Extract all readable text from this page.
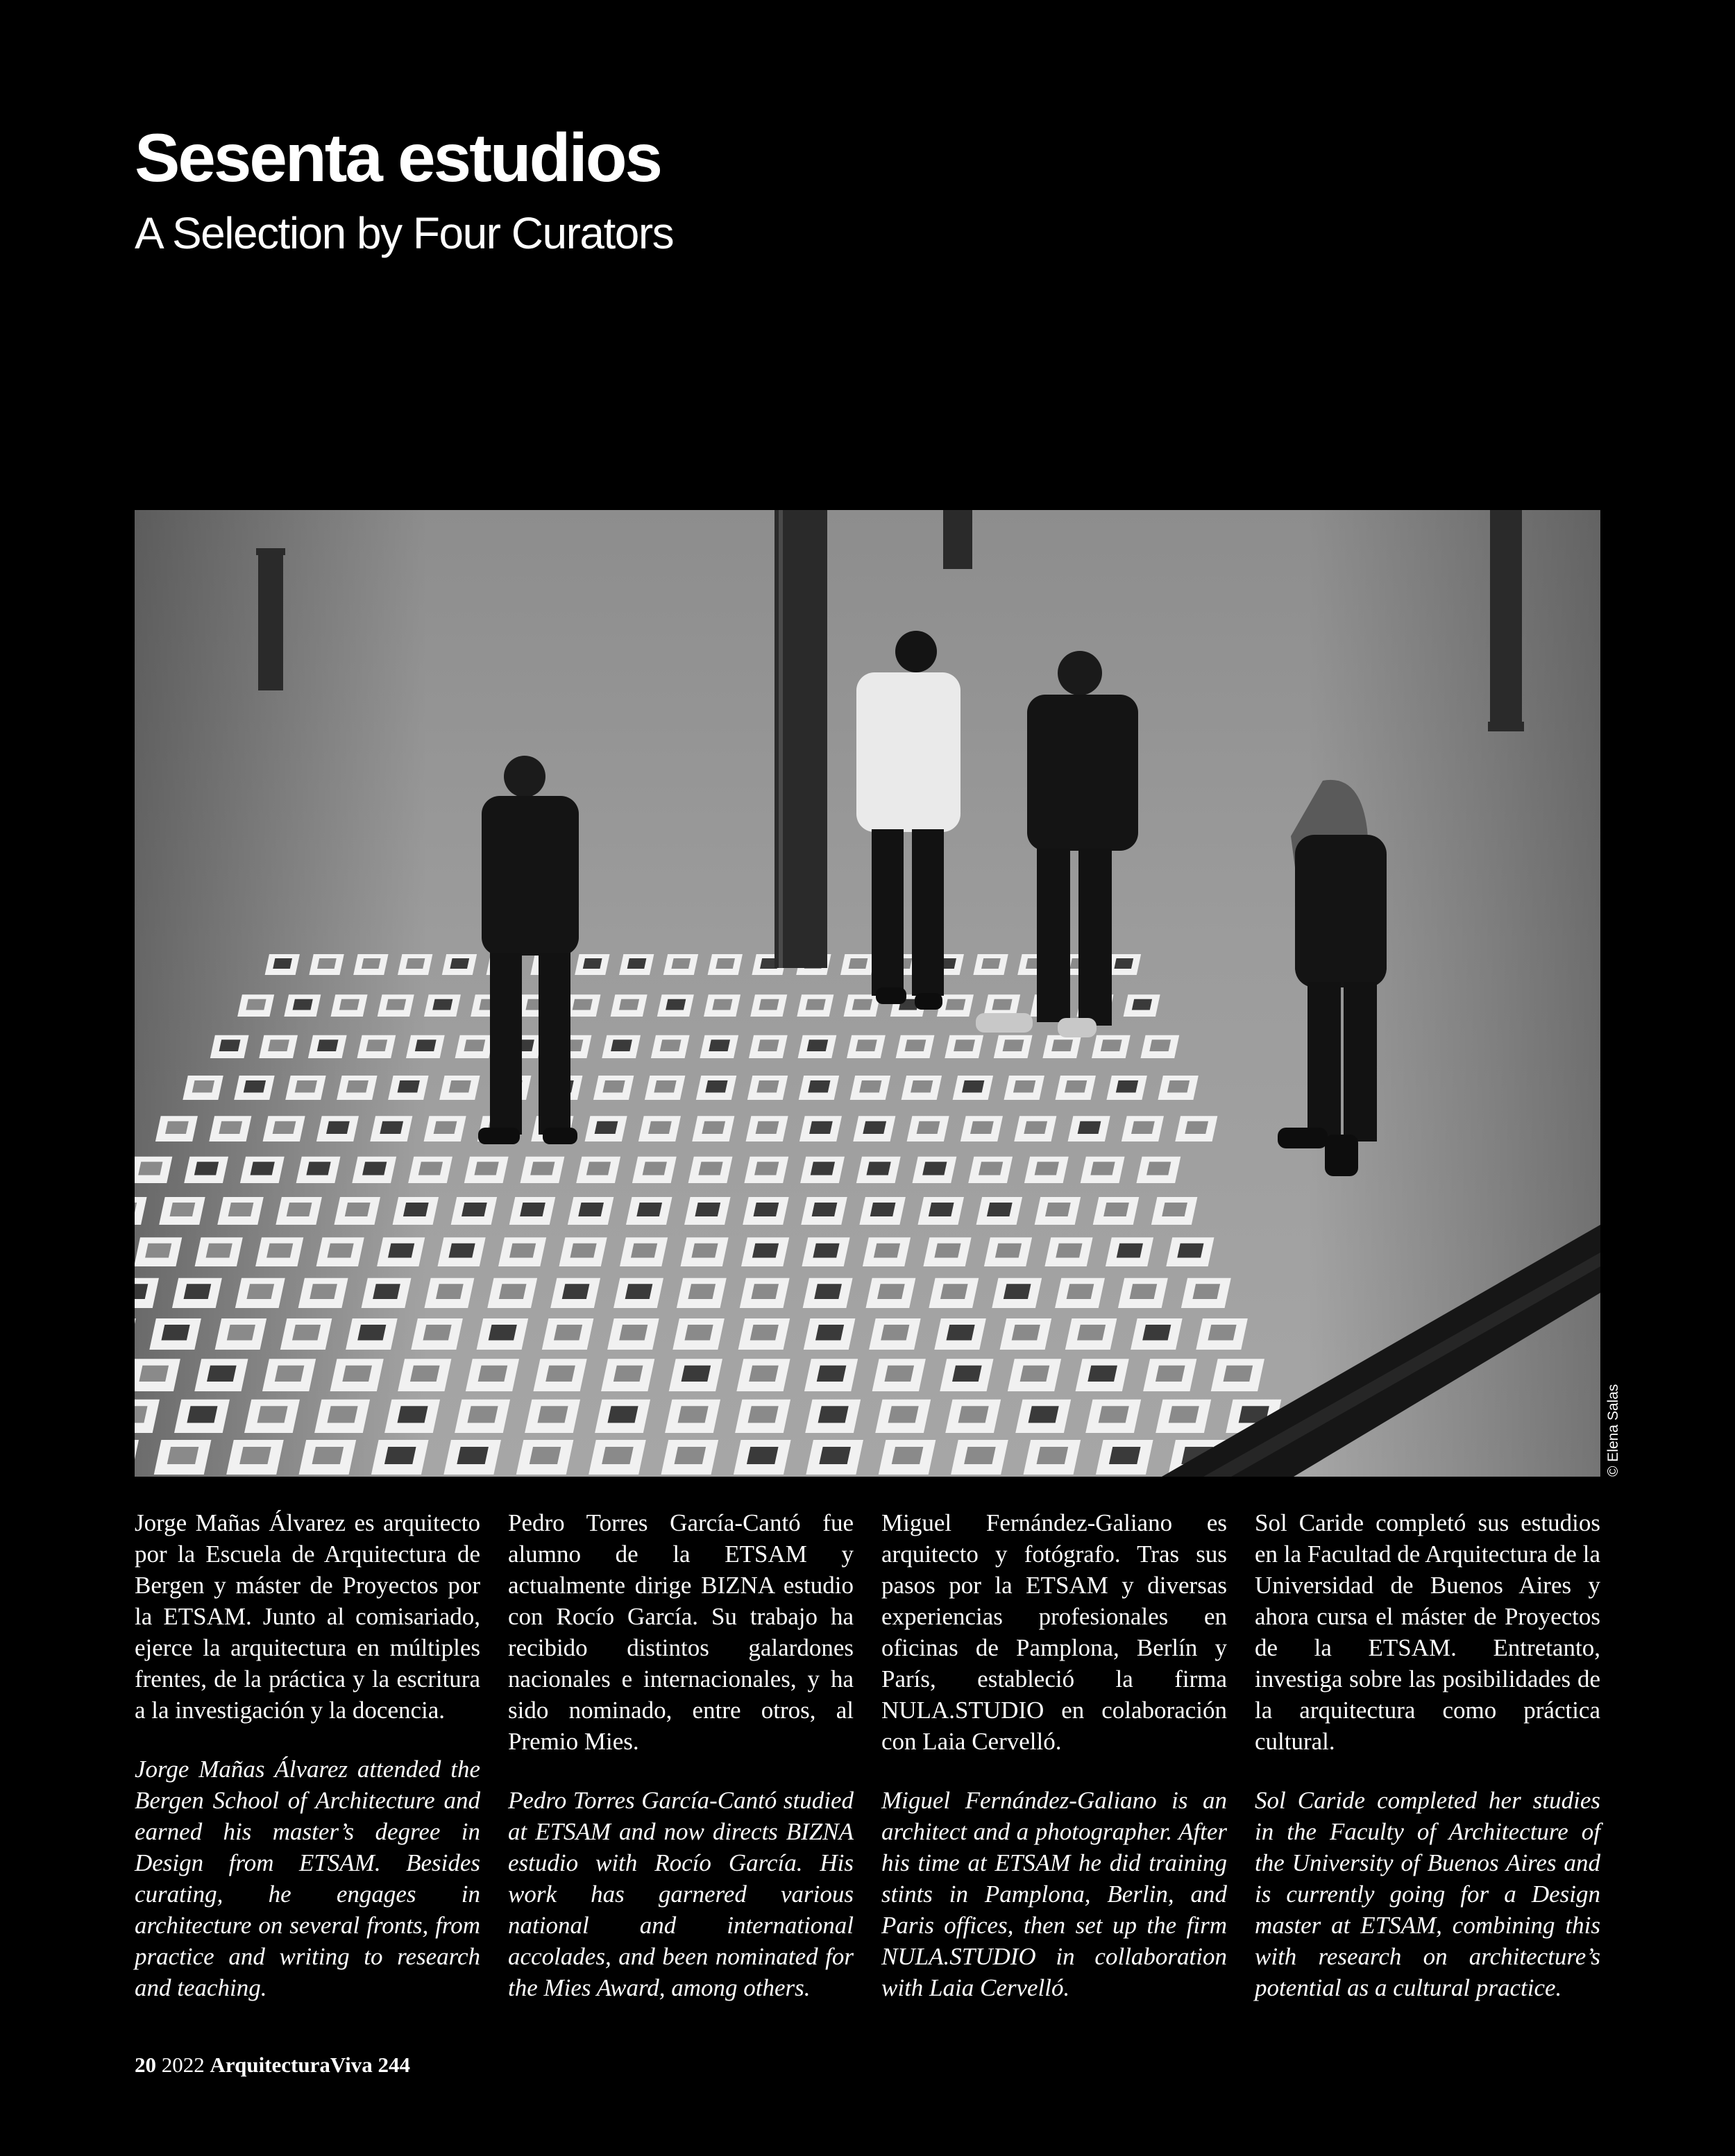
Sesenta estudios
A Selection by Four Curators
© Elena Salas

Jorge Mañas Álvarez es arquitecto por la Escuela de Arquitectura de Bergen y máster de Proyectos por la ETSAM. Junto al comisariado, ejerce la arquitectura en múltiples frentes, de la práctica y la escritura a la investigación y la docencia.

Jorge Mañas Álvarez attended the Bergen School of Architecture and earned his master’s degree in Design from ETSAM. Besides curating, he engages in architecture on several fronts, from practice and writing to research and teaching.

Pedro Torres García-Cantó fue alumno de la ETSAM y actualmente dirige BIZNA estudio con Rocío García. Su trabajo ha recibido distintos galardones nacionales e internacionales, y ha sido nominado, entre otros, al Premio Mies.

Pedro Torres García-Cantó studied at ETSAM and now directs BIZNA estudio with Rocío García. His work has garnered various national and international accolades, and been nominated for the Mies Award, among others.

Miguel Fernández-Galiano es arquitecto y fotógrafo. Tras sus pasos por la ETSAM y diversas experiencias profesionales en oficinas de Pamplona, Berlín y París, estableció la firma NULA.STUDIO en colaboración con Laia Cervelló.

Miguel Fernández-Galiano is an architect and a photographer. After his time at ETSAM he did training stints in Pamplona, Berlin, and Paris offices, then set up the firm NULA.STUDIO in collaboration with Laia Cervelló.

Sol Caride completó sus estudios en la Facultad de Arquitectura de la Universidad de Buenos Aires y ahora cursa el máster de Proyectos de la ETSAM. Entretanto, investiga sobre las posibilidades de la arquitectura como práctica cultural.

Sol Caride completed her studies in the Faculty of Architecture of the University of Buenos Aires and is currently going for a Design master at ETSAM, combining this with research on architecture’s potential as a cultural practice.

20 2022 ArquitecturaViva 244
